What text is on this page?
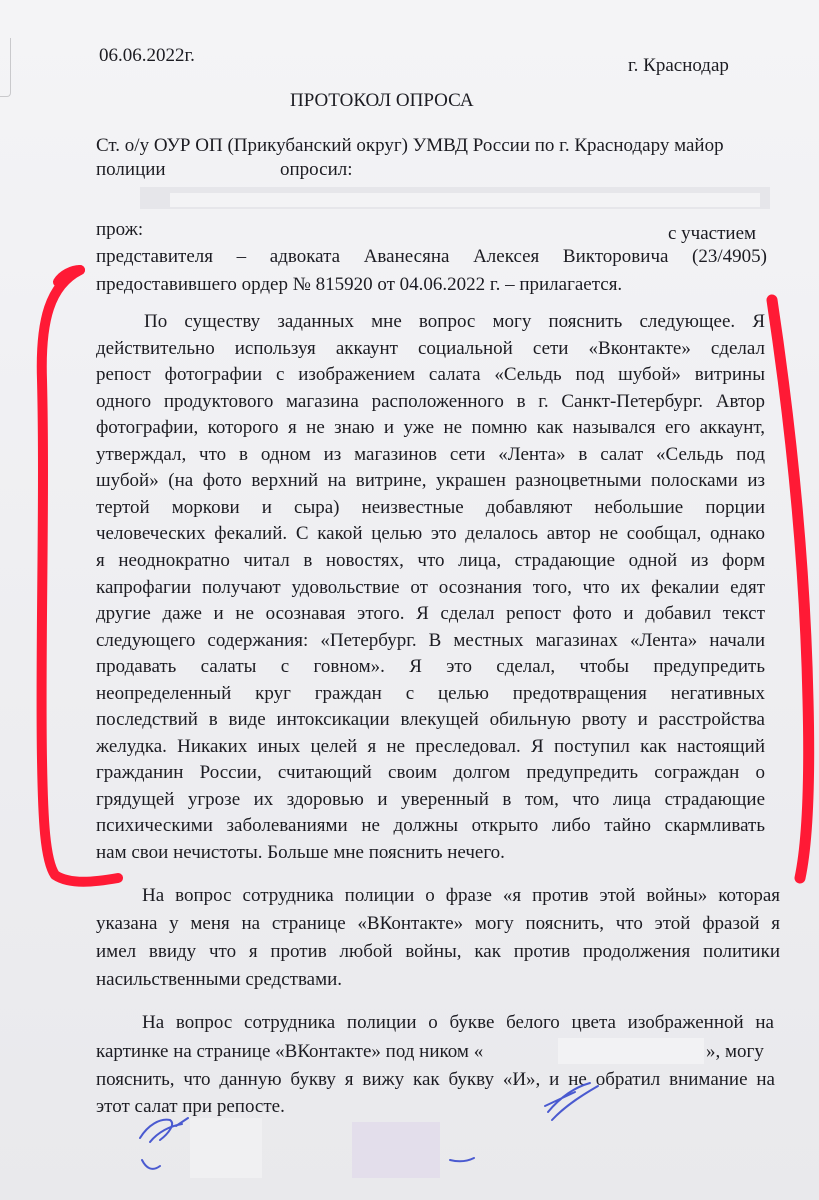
06.06.2022г.	г. Краснодар
ПРОТОКОЛ ОПРОСА
Ст. о/у ОУР ОП (Прикубанский округ) УМВД России по г. Краснодару майор
полиции	опросил:
прож:	с участием
представителя – адвоката Аванесяна Алексея Викторовича (23/4905)
предоставившего ордер № 815920 от 04.06.2022 г. – прилагается.
По существу заданных мне вопрос могу пояснить следующее. Я
действительно используя аккаунт социальной сети «Вконтакте» сделал
репост фотографии с изображением салата «Сельдь под шубой» витрины
одного продуктового магазина расположенного в г. Санкт-Петербург. Автор
фотографии, которого я не знаю и уже не помню как назывался его аккаунт,
утверждал, что в одном из магазинов сети «Лента» в салат «Сельдь под
шубой» (на фото верхний на витрине, украшен разноцветными полосками из
тертой моркови и сыра) неизвестные добавляют небольшие порции
человеческих фекалий. С какой целью это делалось автор не сообщал, однако
я неоднократно читал в новостях, что лица, страдающие одной из форм
капрофагии получают удовольствие от осознания того, что их фекалии едят
другие даже и не осознавая этого. Я сделал репост фото и добавил текст
следующего содержания: «Петербург. В местных магазинах «Лента» начали
продавать салаты с говном». Я это сделал, чтобы предупредить
неопределенный круг граждан с целью предотвращения негативных
последствий в виде интоксикации влекущей обильную рвоту и расстройства
желудка. Никаких иных целей я не преследовал. Я поступил как настоящий
гражданин России, считающий своим долгом предупредить сограждан о
грядущей угрозе их здоровью и уверенный в том, что лица страдающие
психическими заболеваниями не должны открыто либо тайно скармливать
нам свои нечистоты. Больше мне пояснить нечего.
На вопрос сотрудника полиции о фразе «я против этой войны» которая
указана у меня на странице «ВКонтакте» могу пояснить, что этой фразой я
имел ввиду что я против любой войны, как против продолжения политики
насильственными средствами.
На вопрос сотрудника полиции о букве белого цвета изображенной на
картинке на странице «ВКонтакте» под ником «	», могу
пояснить, что данную букву я вижу как букву «И», и не обратил внимание на
этот салат при репосте.
